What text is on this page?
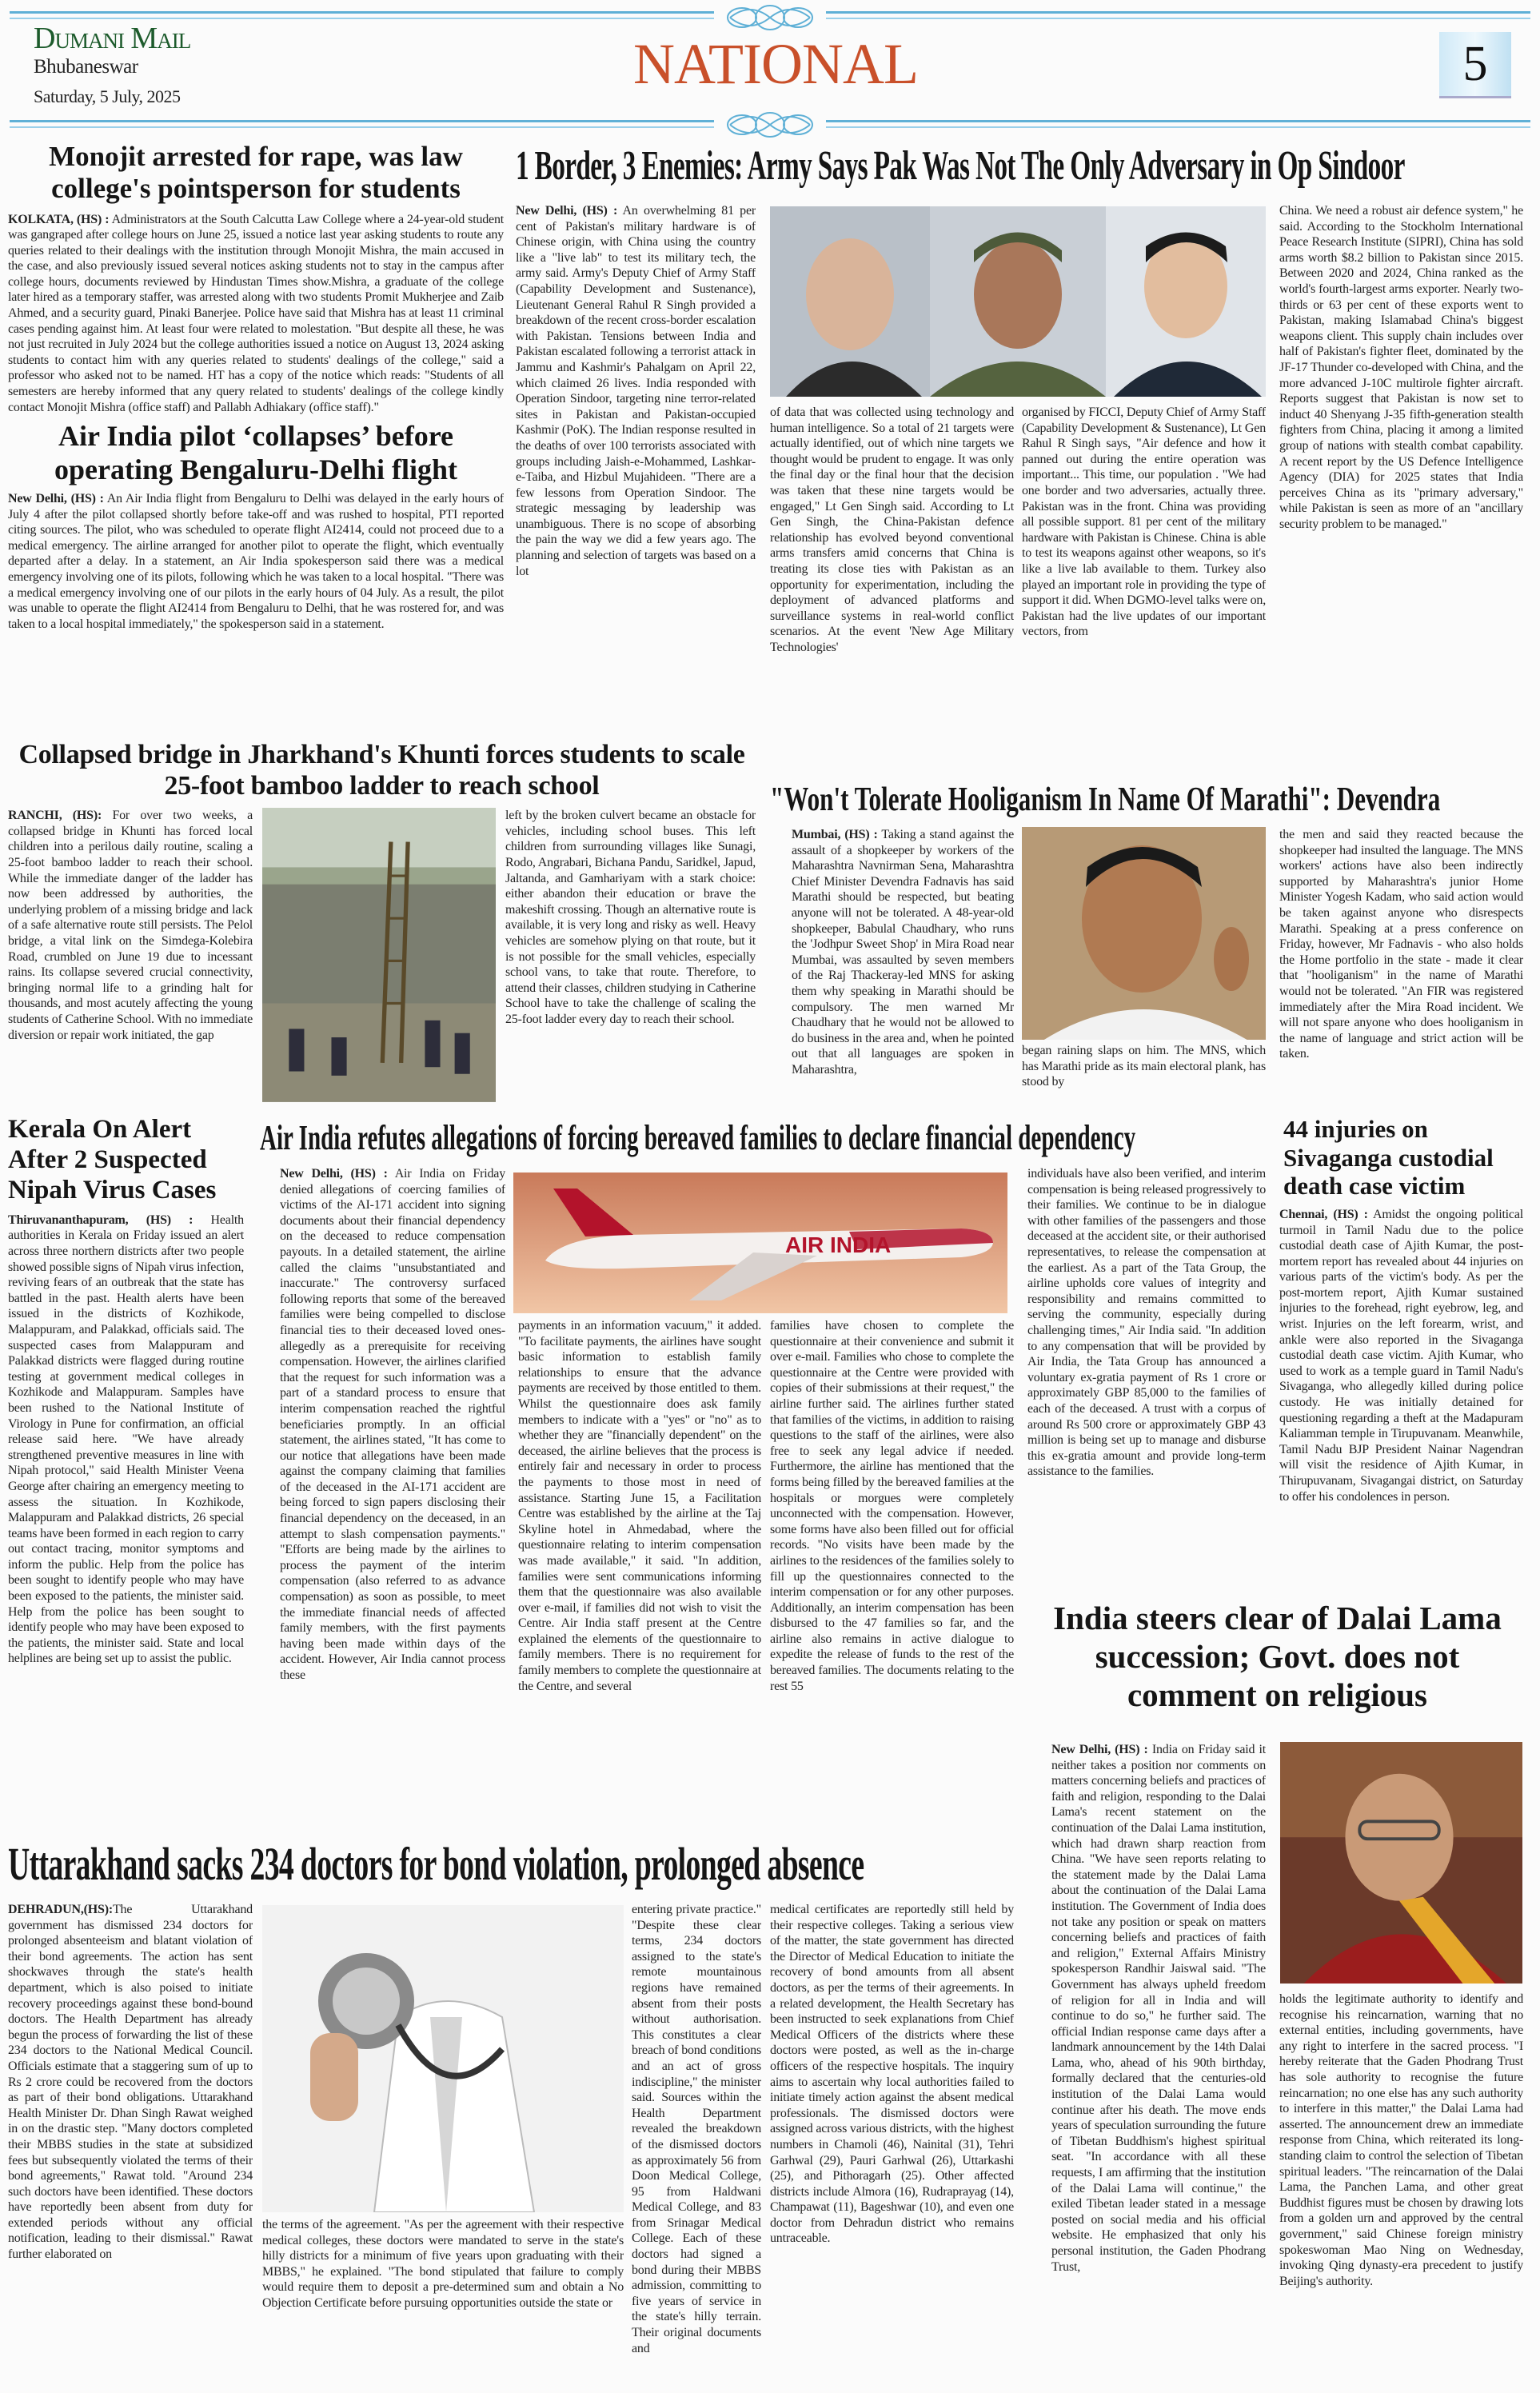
Dumani Mail
Bhubaneswar
Saturday, 5 July, 2025
NATIONAL	5
Monojit arrested for rape, was law college's pointsperson for students

KOLKATA, (HS) : Administrators at the South Calcutta Law College where a 24-year-old student was gangraped after college hours on June 25, issued a notice last year asking students to route any queries related to their dealings with the institution through Monojit Mishra, the main accused in the case, and also previously issued several notices asking students not to stay in the campus after college hours, documents reviewed by Hindustan Times show.Mishra, a graduate of the college later hired as a temporary staffer, was arrested along with two students Promit Mukherjee and Zaib Ahmed, and a security guard, Pinaki Banerjee. Police have said that Mishra has at least 11 criminal cases pending against him. At least four were related to molestation. "But despite all these, he was not just recruited in July 2024 but the college authorities issued a notice on August 13, 2024 asking students to contact him with any queries related to students' dealings of the college," said a professor who asked not to be named. HT has a copy of the notice which reads: "Students of all semesters are hereby informed that any query related to students' dealings of the college kindly contact Monojit Mishra (office staff) and Pallabh Adhiakary (office staff)."

Air India pilot ‘collapses’ before operating Bengaluru-Delhi flight

New Delhi, (HS) : An Air India flight from Bengaluru to Delhi was delayed in the early hours of July 4 after the pilot collapsed shortly before take-off and was rushed to hospital, PTI reported citing sources. The pilot, who was scheduled to operate flight AI2414, could not proceed due to a medical emergency. The airline arranged for another pilot to operate the flight, which eventually departed after a delay. In a statement, an Air India spokesperson said there was a medical emergency involving one of its pilots, following which he was taken to a local hospital. "There was a medical emergency involving one of our pilots in the early hours of 04 July. As a result, the pilot was unable to operate the flight AI2414 from Bengaluru to Delhi, that he was rostered for, and was taken to a local hospital immediately," the spokesperson said in a statement.

1 Border, 3 Enemies: Army Says Pak Was Not The Only Adversary in Op Sindoor

New Delhi, (HS) : An overwhelming 81 per cent of Pakistan's military hardware is of Chinese origin, with China using the country like a "live lab" to test its military tech, the army said. Army's Deputy Chief of Army Staff (Capability Development and Sustenance), Lieutenant General Rahul R Singh provided a breakdown of the recent cross-border escalation with Pakistan. Tensions between India and Pakistan escalated following a terrorist attack in Jammu and Kashmir's Pahalgam on April 22, which claimed 26 lives. India responded with Operation Sindoor, targeting nine terror-related sites in Pakistan and Pakistan-occupied Kashmir (PoK). The Indian response resulted in the deaths of over 100 terrorists associated with groups including Jaish-e-Mohammed, Lashkar-e-Taiba, and Hizbul Mujahideen. "There are a few lessons from Operation Sindoor. The strategic messaging by leadership was unambiguous. There is no scope of absorbing the pain the way we did a few years ago. The planning and selection of targets was based on a lot

of data that was collected using technology and human intelligence. So a total of 21 targets were actually identified, out of which nine targets we thought would be prudent to engage. It was only the final day or the final hour that the decision was taken that these nine targets would be engaged," Lt Gen Singh said. According to Lt Gen Singh, the China-Pakistan defence relationship has evolved beyond conventional arms transfers amid concerns that China is treating its close ties with Pakistan as an opportunity for experimentation, including the deployment of advanced platforms and surveillance systems in real-world conflict scenarios. At the event 'New Age Military Technologies'

organised by FICCI, Deputy Chief of Army Staff (Capability Development & Sustenance), Lt Gen Rahul R Singh says, "Air defence and how it panned out during the entire operation was important... This time, our population . "We had one border and two adversaries, actually three. Pakistan was in the front. China was providing all possible support. 81 per cent of the military hardware with Pakistan is Chinese. China is able to test its weapons against other weapons, so it's like a live lab available to them. Turkey also played an important role in providing the type of support it did. When DGMO-level talks were on, Pakistan had the live updates of our important vectors, from

China. We need a robust air defence system," he said. According to the Stockholm International Peace Research Institute (SIPRI), China has sold arms worth $8.2 billion to Pakistan since 2015. Between 2020 and 2024, China ranked as the world's fourth-largest arms exporter. Nearly two-thirds or 63 per cent of these exports went to Pakistan, making Islamabad China's biggest weapons client. This supply chain includes over half of Pakistan's fighter fleet, dominated by the JF-17 Thunder co-developed with China, and the more advanced J-10C multirole fighter aircraft. Reports suggest that Pakistan is now set to induct 40 Shenyang J-35 fifth-generation stealth fighters from China, placing it among a limited group of nations with stealth combat capability. A recent report by the US Defence Intelligence Agency (DIA) for 2025 states that India perceives China as its "primary adversary," while Pakistan is seen as more of an "ancillary security problem to be managed."

Collapsed bridge in Jharkhand's Khunti forces students to scale 25-foot bamboo ladder to reach school

RANCHI, (HS): For over two weeks, a collapsed bridge in Khunti has forced local children into a perilous daily routine, scaling a 25-foot bamboo ladder to reach their school. While the immediate danger of the ladder has now been addressed by authorities, the underlying problem of a missing bridge and lack of a safe alternative route still persists. The Pelol bridge, a vital link on the Simdega-Kolebira Road, crumbled on June 19 due to incessant rains. Its collapse severed crucial connectivity, bringing normal life to a grinding halt for thousands, and most acutely affecting the young students of Catherine School. With no immediate diversion or repair work initiated, the gap

left by the broken culvert became an obstacle for vehicles, including school buses. This left children from surrounding villages like Sunagi, Rodo, Angrabari, Bichana Pandu, Saridkel, Japud, Jaltanda, and Gamhariyam with a stark choice: either abandon their education or brave the makeshift crossing. Though an alternative route is available, it is very long and risky as well. Heavy vehicles are somehow plying on that route, but it is not possible for the small vehicles, especially school vans, to take that route. Therefore, to attend their classes, children studying in Catherine School have to take the challenge of scaling the 25-foot ladder every day to reach their school.

"Won't Tolerate Hooliganism In Name Of Marathi": Devendra

Mumbai, (HS) : Taking a stand against the assault of a shopkeeper by workers of the Maharashtra Navnirman Sena, Maharashtra Chief Minister Devendra Fadnavis has said Marathi should be respected, but beating anyone will not be tolerated. A 48-year-old shopkeeper, Babulal Chaudhary, who runs the 'Jodhpur Sweet Shop' in Mira Road near Mumbai, was assaulted by seven members of the Raj Thackeray-led MNS for asking them why speaking in Marathi should be compulsory. The men warned Mr Chaudhary that he would not be allowed to do business in the area and, when he pointed out that all languages are spoken in Maharashtra,

began raining slaps on him. The MNS, which has Marathi pride as its main electoral plank, has stood by

the men and said they reacted because the shopkeeper had insulted the language. The MNS workers' actions have also been indirectly supported by Maharashtra's junior Home Minister Yogesh Kadam, who said action would be taken against anyone who disrespects Marathi. Speaking at a press conference on Friday, however, Mr Fadnavis - who also holds the Home portfolio in the state - made it clear that "hooliganism" in the name of Marathi would not be tolerated. "An FIR was registered immediately after the Mira Road incident. We will not spare anyone who does hooliganism in the name of language and strict action will be taken.

Kerala On Alert After 2 Suspected Nipah Virus Cases

Thiruvananthapuram, (HS) : Health authorities in Kerala on Friday issued an alert across three northern districts after two people showed possible signs of Nipah virus infection, reviving fears of an outbreak that the state has battled in the past. Health alerts have been issued in the districts of Kozhikode, Malappuram, and Palakkad, officials said. The suspected cases from Malappuram and Palakkad districts were flagged during routine testing at government medical colleges in Kozhikode and Malappuram. Samples have been rushed to the National Institute of Virology in Pune for confirmation, an official release said here. "We have already strengthened preventive measures in line with Nipah protocol," said Health Minister Veena George after chairing an emergency meeting to assess the situation. In Kozhikode, Malappuram and Palakkad districts, 26 special teams have been formed in each region to carry out contact tracing, monitor symptoms and inform the public. Help from the police has been sought to identify people who may have been exposed to the patients, the minister said. Help from the police has been sought to identify people who may have been exposed to the patients, the minister said. State and local helplines are being set up to assist the public.

Air India refutes allegations of forcing bereaved families to declare financial dependency

New Delhi, (HS) : Air India on Friday denied allegations of coercing families of victims of the AI-171 accident into signing documents about their financial dependency on the deceased to reduce compensation payouts. In a detailed statement, the airline called the claims "unsubstantiated and inaccurate." The controversy surfaced following reports that some of the bereaved families were being compelled to disclose financial ties to their deceased loved ones-allegedly as a prerequisite for receiving compensation. However, the airlines clarified that the request for such information was a part of a standard process to ensure that interim compensation reached the rightful beneficiaries promptly. In an official statement, the airlines stated, "It has come to our notice that allegations have been made against the company claiming that families of the deceased in the AI-171 accident are being forced to sign papers disclosing their financial dependency on the deceased, in an attempt to slash compensation payments." "Efforts are being made by the airlines to process the payment of the interim compensation (also referred to as advance compensation) as soon as possible, to meet the immediate financial needs of affected family members, with the first payments having been made within days of the accident. However, Air India cannot process these

AIR INDIA

payments in an information vacuum," it added. "To facilitate payments, the airlines have sought basic information to establish family relationships to ensure that the advance payments are received by those entitled to them. Whilst the questionnaire does ask family members to indicate with a "yes" or "no" as to whether they are "financially dependent" on the deceased, the airline believes that the process is entirely fair and necessary in order to process the payments to those most in need of assistance. Starting June 15, a Facilitation Centre was established by the airline at the Taj Skyline hotel in Ahmedabad, where the questionnaire relating to interim compensation was made available," it said. "In addition, families were sent communications informing them that the questionnaire was also available over e-mail, if families did not wish to visit the Centre. Air India staff present at the Centre explained the elements of the questionnaire to family members. There is no requirement for family members to complete the questionnaire at the Centre, and several

families have chosen to complete the questionnaire at their convenience and submit it over e-mail. Families who chose to complete the questionnaire at the Centre were provided with copies of their submissions at their request," the airline further said. The airlines further stated that families of the victims, in addition to raising questions to the staff of the airlines, were also free to seek any legal advice if needed. Furthermore, the airline has mentioned that the forms being filled by the bereaved families at the hospitals or morgues were completely unconnected with the compensation. However, some forms have also been filled out for official records. "No visits have been made by the airlines to the residences of the families solely to fill up the questionnaires connected to the interim compensation or for any other purposes. Additionally, an interim compensation has been disbursed to the 47 families so far, and the airline also remains in active dialogue to expedite the release of funds to the rest of the bereaved families. The documents relating to the rest 55

individuals have also been verified, and interim compensation is being released progressively to their families. We continue to be in dialogue with other families of the passengers and those deceased at the accident site, or their authorised representatives, to release the compensation at the earliest. As a part of the Tata Group, the airline upholds core values of integrity and responsibility and remains committed to serving the community, especially during challenging times," Air India said. "In addition to any compensation that will be provided by Air India, the Tata Group has announced a voluntary ex-gratia payment of Rs 1 crore or approximately GBP 85,000 to the families of each of the deceased. A trust with a corpus of around Rs 500 crore or approximately GBP 43 million is being set up to manage and disburse this ex-gratia amount and provide long-term assistance to the families.

44 injuries on Sivaganga custodial death case victim

Chennai, (HS) : Amidst the ongoing political turmoil in Tamil Nadu due to the police custodial death case of Ajith Kumar, the post-mortem report has revealed about 44 injuries on various parts of the victim's body. As per the post-mortem report, Ajith Kumar sustained injuries to the forehead, right eyebrow, leg, and wrist. Injuries on the left forearm, wrist, and ankle were also reported in the Sivaganga custodial death case victim. Ajith Kumar, who used to work as a temple guard in Tamil Nadu's Sivaganga, who allegedly killed during police custody. He was initially detained for questioning regarding a theft at the Madapuram Kaliamman temple in Tirupuvanam. Meanwhile, Tamil Nadu BJP President Nainar Nagendran will visit the residence of Ajith Kumar, in Thirupuvanam, Sivagangai district, on Saturday to offer his condolences in person.

India steers clear of Dalai Lama succession; Govt. does not comment on religious

New Delhi, (HS) : India on Friday said it neither takes a position nor comments on matters concerning beliefs and practices of faith and religion, responding to the Dalai Lama's recent statement on the continuation of the Dalai Lama institution, which had drawn sharp reaction from China. "We have seen reports relating to the statement made by the Dalai Lama about the continuation of the Dalai Lama institution. The Government of India does not take any position or speak on matters concerning beliefs and practices of faith and religion," External Affairs Ministry spokesperson Randhir Jaiswal said. "The Government has always upheld freedom of religion for all in India and will continue to do so," he further said. The official Indian response came days after a landmark announcement by the 14th Dalai Lama, who, ahead of his 90th birthday, formally declared that the centuries-old institution of the Dalai Lama would continue after his death. The move ends years of speculation surrounding the future of Tibetan Buddhism's highest spiritual seat. "In accordance with all these requests, I am affirming that the institution of the Dalai Lama will continue," the exiled Tibetan leader stated in a message posted on social media and his official website. He emphasized that only his personal institution, the Gaden Phodrang Trust,

holds the legitimate authority to identify and recognise his reincarnation, warning that no external entities, including governments, have any right to interfere in the sacred process. "I hereby reiterate that the Gaden Phodrang Trust has sole authority to recognise the future reincarnation; no one else has any such authority to interfere in this matter," the Dalai Lama had asserted. The announcement drew an immediate response from China, which reiterated its long-standing claim to control the selection of Tibetan spiritual leaders. "The reincarnation of the Dalai Lama, the Panchen Lama, and other great Buddhist figures must be chosen by drawing lots from a golden urn and approved by the central government," said Chinese foreign ministry spokeswoman Mao Ning on Wednesday, invoking Qing dynasty-era precedent to justify Beijing's authority.

Uttarakhand sacks 234 doctors for bond violation, prolonged absence

DEHRADUN,(HS):The Uttarakhand government has dismissed 234 doctors for prolonged absenteeism and blatant violation of their bond agreements. The action has sent shockwaves through the state's health department, which is also poised to initiate recovery proceedings against these bond-bound doctors. The Health Department has already begun the process of forwarding the list of these 234 doctors to the National Medical Council. Officials estimate that a staggering sum of up to Rs 2 crore could be recovered from the doctors as part of their bond obligations. Uttarakhand Health Minister Dr. Dhan Singh Rawat weighed in on the drastic step. "Many doctors completed their MBBS studies in the state at subsidized fees but subsequently violated the terms of their bond agreements," Rawat told. "Around 234 such doctors have been identified. These doctors have reportedly been absent from duty for extended periods without any official notification, leading to their dismissal." Rawat further elaborated on

the terms of the agreement. "As per the agreement with their respective medical colleges, these doctors were mandated to serve in the state's hilly districts for a minimum of five years upon graduating with their MBBS," he explained. "The bond stipulated that failure to comply would require them to deposit a pre-determined sum and obtain a No Objection Certificate before pursuing opportunities outside the state or

entering private practice." "Despite these clear terms, 234 doctors assigned to the state's remote mountainous regions have remained absent from their posts without authorisation. This constitutes a clear breach of bond conditions and an act of gross indiscipline," the minister said. Sources within the Health Department revealed the breakdown of the dismissed doctors as approximately 56 from Doon Medical College, 95 from Haldwani Medical College, and 83 from Srinagar Medical College. Each of these doctors had signed a bond during their MBBS admission, committing to five years of service in the state's hilly terrain. Their original documents and

medical certificates are reportedly still held by their respective colleges. Taking a serious view of the matter, the state government has directed the Director of Medical Education to initiate the recovery of bond amounts from all absent doctors, as per the terms of their agreements. In a related development, the Health Secretary has been instructed to seek explanations from Chief Medical Officers of the districts where these doctors were posted, as well as the in-charge officers of the respective hospitals. The inquiry aims to ascertain why local authorities failed to initiate timely action against the absent medical professionals. The dismissed doctors were assigned across various districts, with the highest numbers in Chamoli (46), Nainital (31), Tehri Garhwal (29), Pauri Garhwal (26), Uttarkashi (25), and Pithoragarh (25). Other affected districts include Almora (16), Rudraprayag (14), Champawat (11), Bageshwar (10), and even one doctor from Dehradun district who remains untraceable.
